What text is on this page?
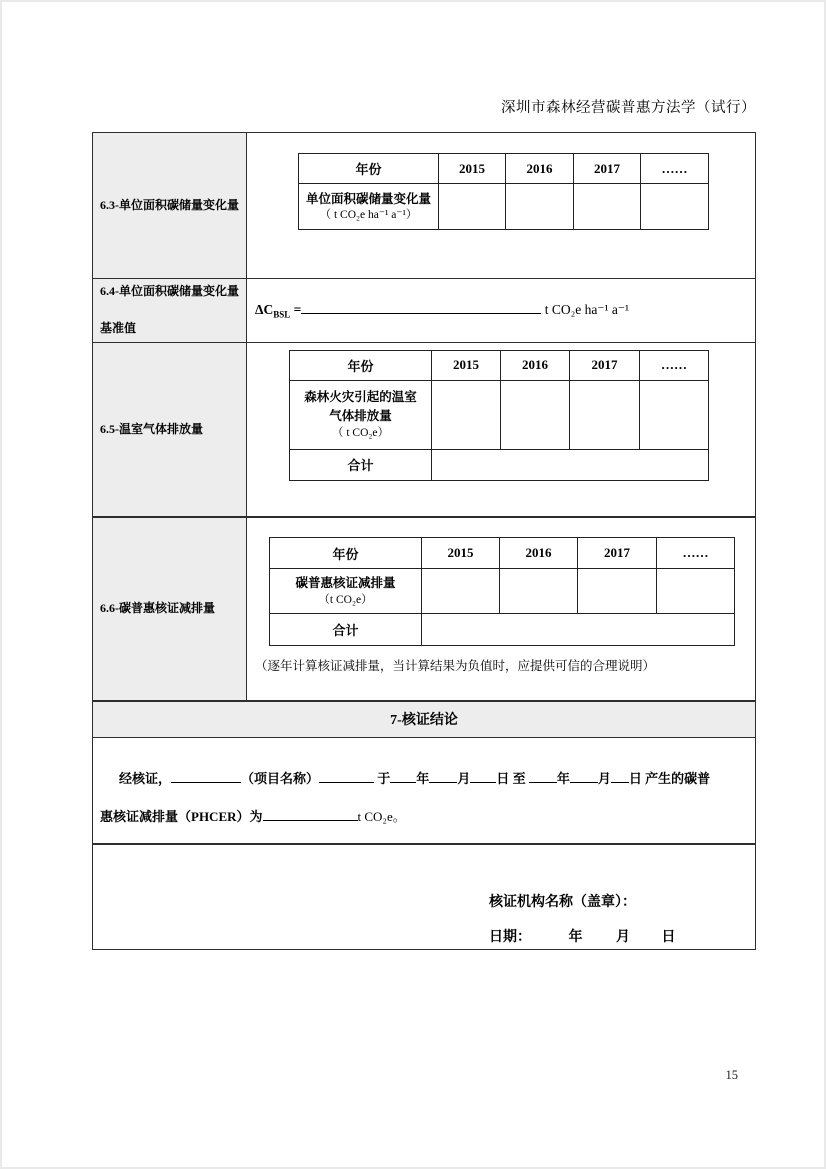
深圳市森林经营碳普惠方法学（试行）
6.3-单位面积碳储量变化量
年份	2015	2016	2017	……

单位面积碳储量变化量
（ t CO₂e ha⁻¹ a⁻¹）				

6.4-单位面积碳储量变化量基准值
$\Delta C_{BSL}$ =	t CO₂e ha⁻¹ a⁻¹
6.5-温室气体排放量
年份	2015	2016	2017	……

森林火灾引起的温室
气体排放量
（ t CO₂e）				

合计				
6.6-碳普惠核证减排量
年份	2015	2016	2017	……

碳普惠核证减排量
（t CO₂e）				

合计				
（逐年计算核证减排量，当计算结果为负值时，应提供可信的合理说明）
7-核证结论
经核证，	（项目名称）	于 年 月 日 至 年 月 日 产生的碳普
惠核证减排量（PHCER）为	t CO₂e。
核证机构名称（盖章）：
日期：	年 月 日
15
